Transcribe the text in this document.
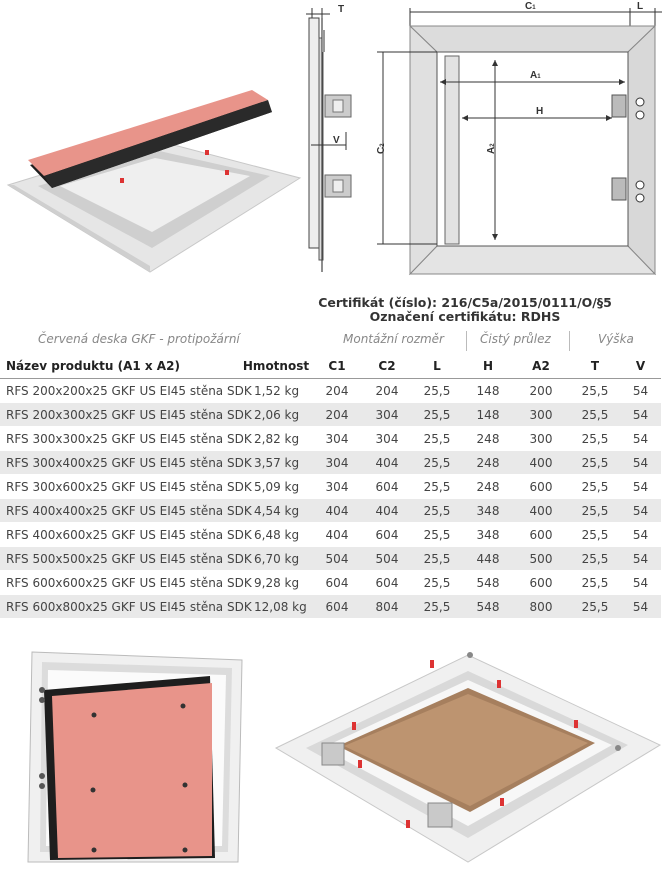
T
V
C1	L
A1
H
C2
A2
Certifikát (číslo): 216/C5a/2015/0111/O/§5
Označení certifikátu: RDHS
Červená deska GKF - protipožární	Montážní rozměr	Čistý průlez	Výška
Název produktu (A1 x A2)	Hmotnost	C1	C2	L	H	A2	T	V
RFS 200x200x25 GKF US EI45 stěna SDK	1,52 kg	204	204	25,5	148	200	25,5	54
RFS 200x300x25 GKF US EI45 stěna SDK	2,06 kg	204	304	25,5	148	300	25,5	54
RFS 300x300x25 GKF US EI45 stěna SDK	2,82 kg	304	304	25,5	248	300	25,5	54
RFS 300x400x25 GKF US EI45 stěna SDK	3,57 kg	304	404	25,5	248	400	25,5	54
RFS 300x600x25 GKF US EI45 stěna SDK	5,09 kg	304	604	25,5	248	600	25,5	54
RFS 400x400x25 GKF US EI45 stěna SDK	4,54 kg	404	404	25,5	348	400	25,5	54
RFS 400x600x25 GKF US EI45 stěna SDK	6,48 kg	404	604	25,5	348	600	25,5	54
RFS 500x500x25 GKF US EI45 stěna SDK	6,70 kg	504	504	25,5	448	500	25,5	54
RFS 600x600x25 GKF US EI45 stěna SDK	9,28 kg	604	604	25,5	548	600	25,5	54
RFS 600x800x25 GKF US EI45 stěna SDK	12,08 kg	604	804	25,5	548	800	25,5	54
